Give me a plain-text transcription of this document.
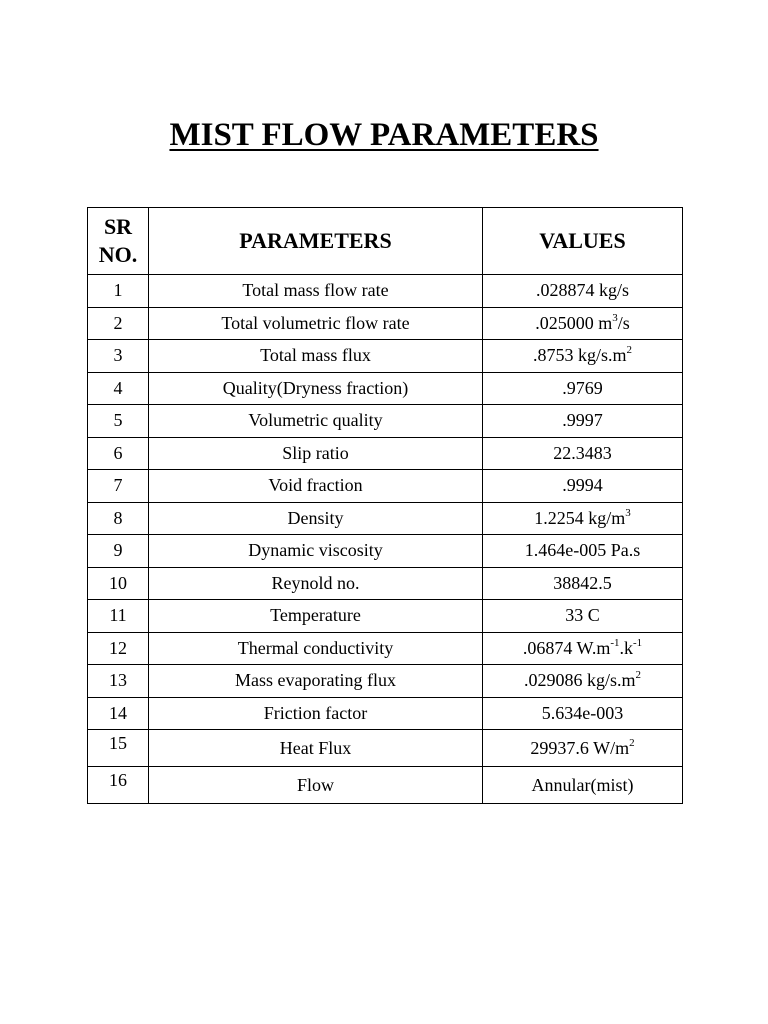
MIST FLOW PARAMETERS
SR NO.	PARAMETERS	VALUES
1	Total mass flow rate	.028874 kg/s
2	Total volumetric flow rate	.025000 $m^3/s$
3	Total mass flux	.8753 $kg/s.m^2$
4	Quality(Dryness fraction)	.9769
5	Volumetric quality	.9997
6	Slip ratio	22.3483
7	Void fraction	.9994
8	Density	1.2254 $kg/m^3$
9	Dynamic viscosity	1.464e-005 Pa.s
10	Reynold no.	38842.5
11	Temperature	33 C
12	Thermal conductivity	.06874 $W.m^{-1}.k^{-1}$
13	Mass evaporating flux	.029086 $kg/s.m^2$
14	Friction factor	5.634e-003
15	Heat Flux	29937.6 $W/m^2$
16	Flow	Annular(mist)
